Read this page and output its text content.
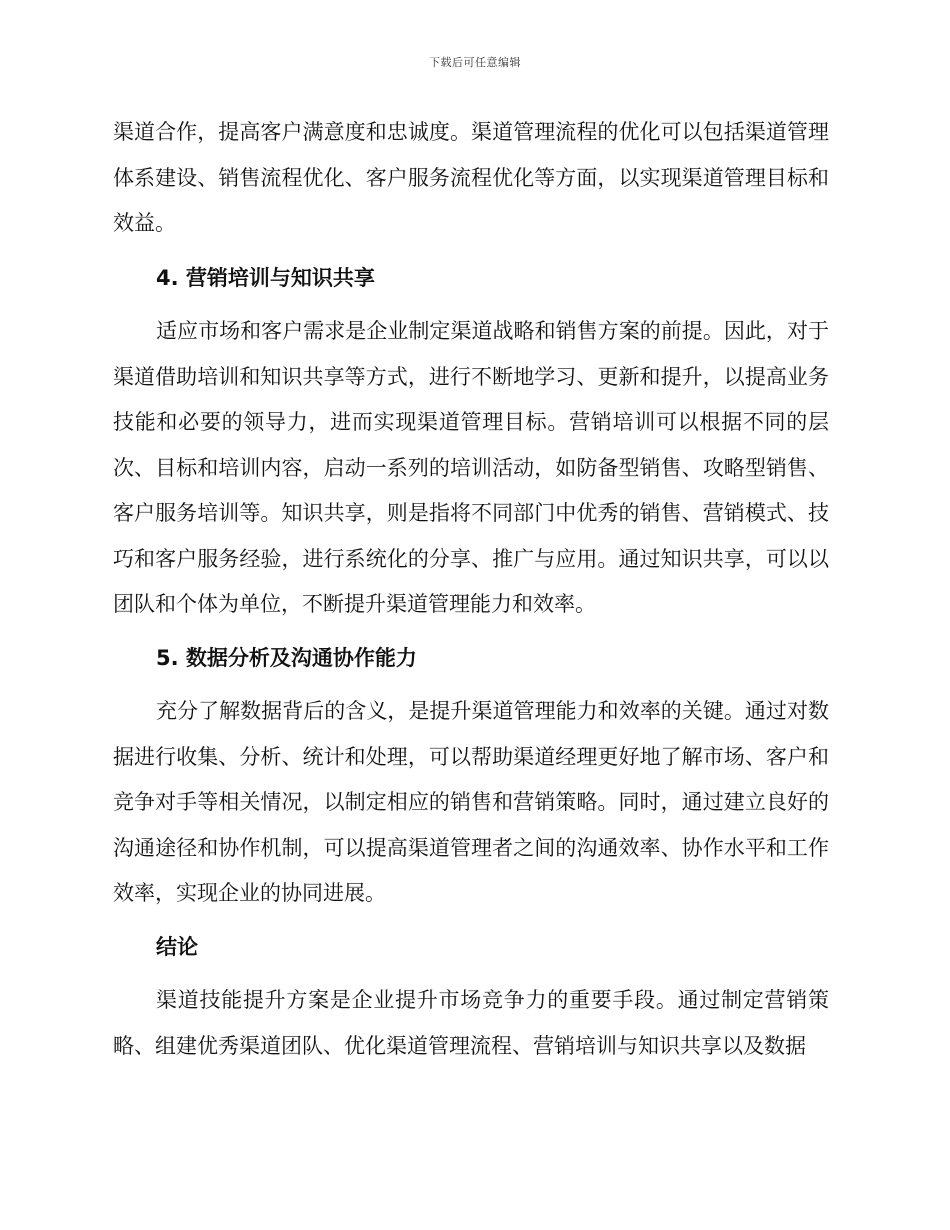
下载后可任意编辑

渠道合作，提高客户满意度和忠诚度。渠道管理流程的优化可以包括渠道管理体系建设、销售流程优化、客户服务流程优化等方面，以实现渠道管理目标和效益。

4. 营销培训与知识共享

适应市场和客户需求是企业制定渠道战略和销售方案的前提。因此，对于渠道借助培训和知识共享等方式，进行不断地学习、更新和提升，以提高业务技能和必要的领导力，进而实现渠道管理目标。营销培训可以根据不同的层次、目标和培训内容，启动一系列的培训活动，如防备型销售、攻略型销售、客户服务培训等。知识共享，则是指将不同部门中优秀的销售、营销模式、技巧和客户服务经验，进行系统化的分享、推广与应用。通过知识共享，可以以团队和个体为单位，不断提升渠道管理能力和效率。

5. 数据分析及沟通协作能力

充分了解数据背后的含义，是提升渠道管理能力和效率的关键。通过对数据进行收集、分析、统计和处理，可以帮助渠道经理更好地了解市场、客户和竞争对手等相关情况，以制定相应的销售和营销策略。同时，通过建立良好的沟通途径和协作机制，可以提高渠道管理者之间的沟通效率、协作水平和工作效率，实现企业的协同进展。

结论

渠道技能提升方案是企业提升市场竞争力的重要手段。通过制定营销策略、组建优秀渠道团队、优化渠道管理流程、营销培训与知识共享以及数据
